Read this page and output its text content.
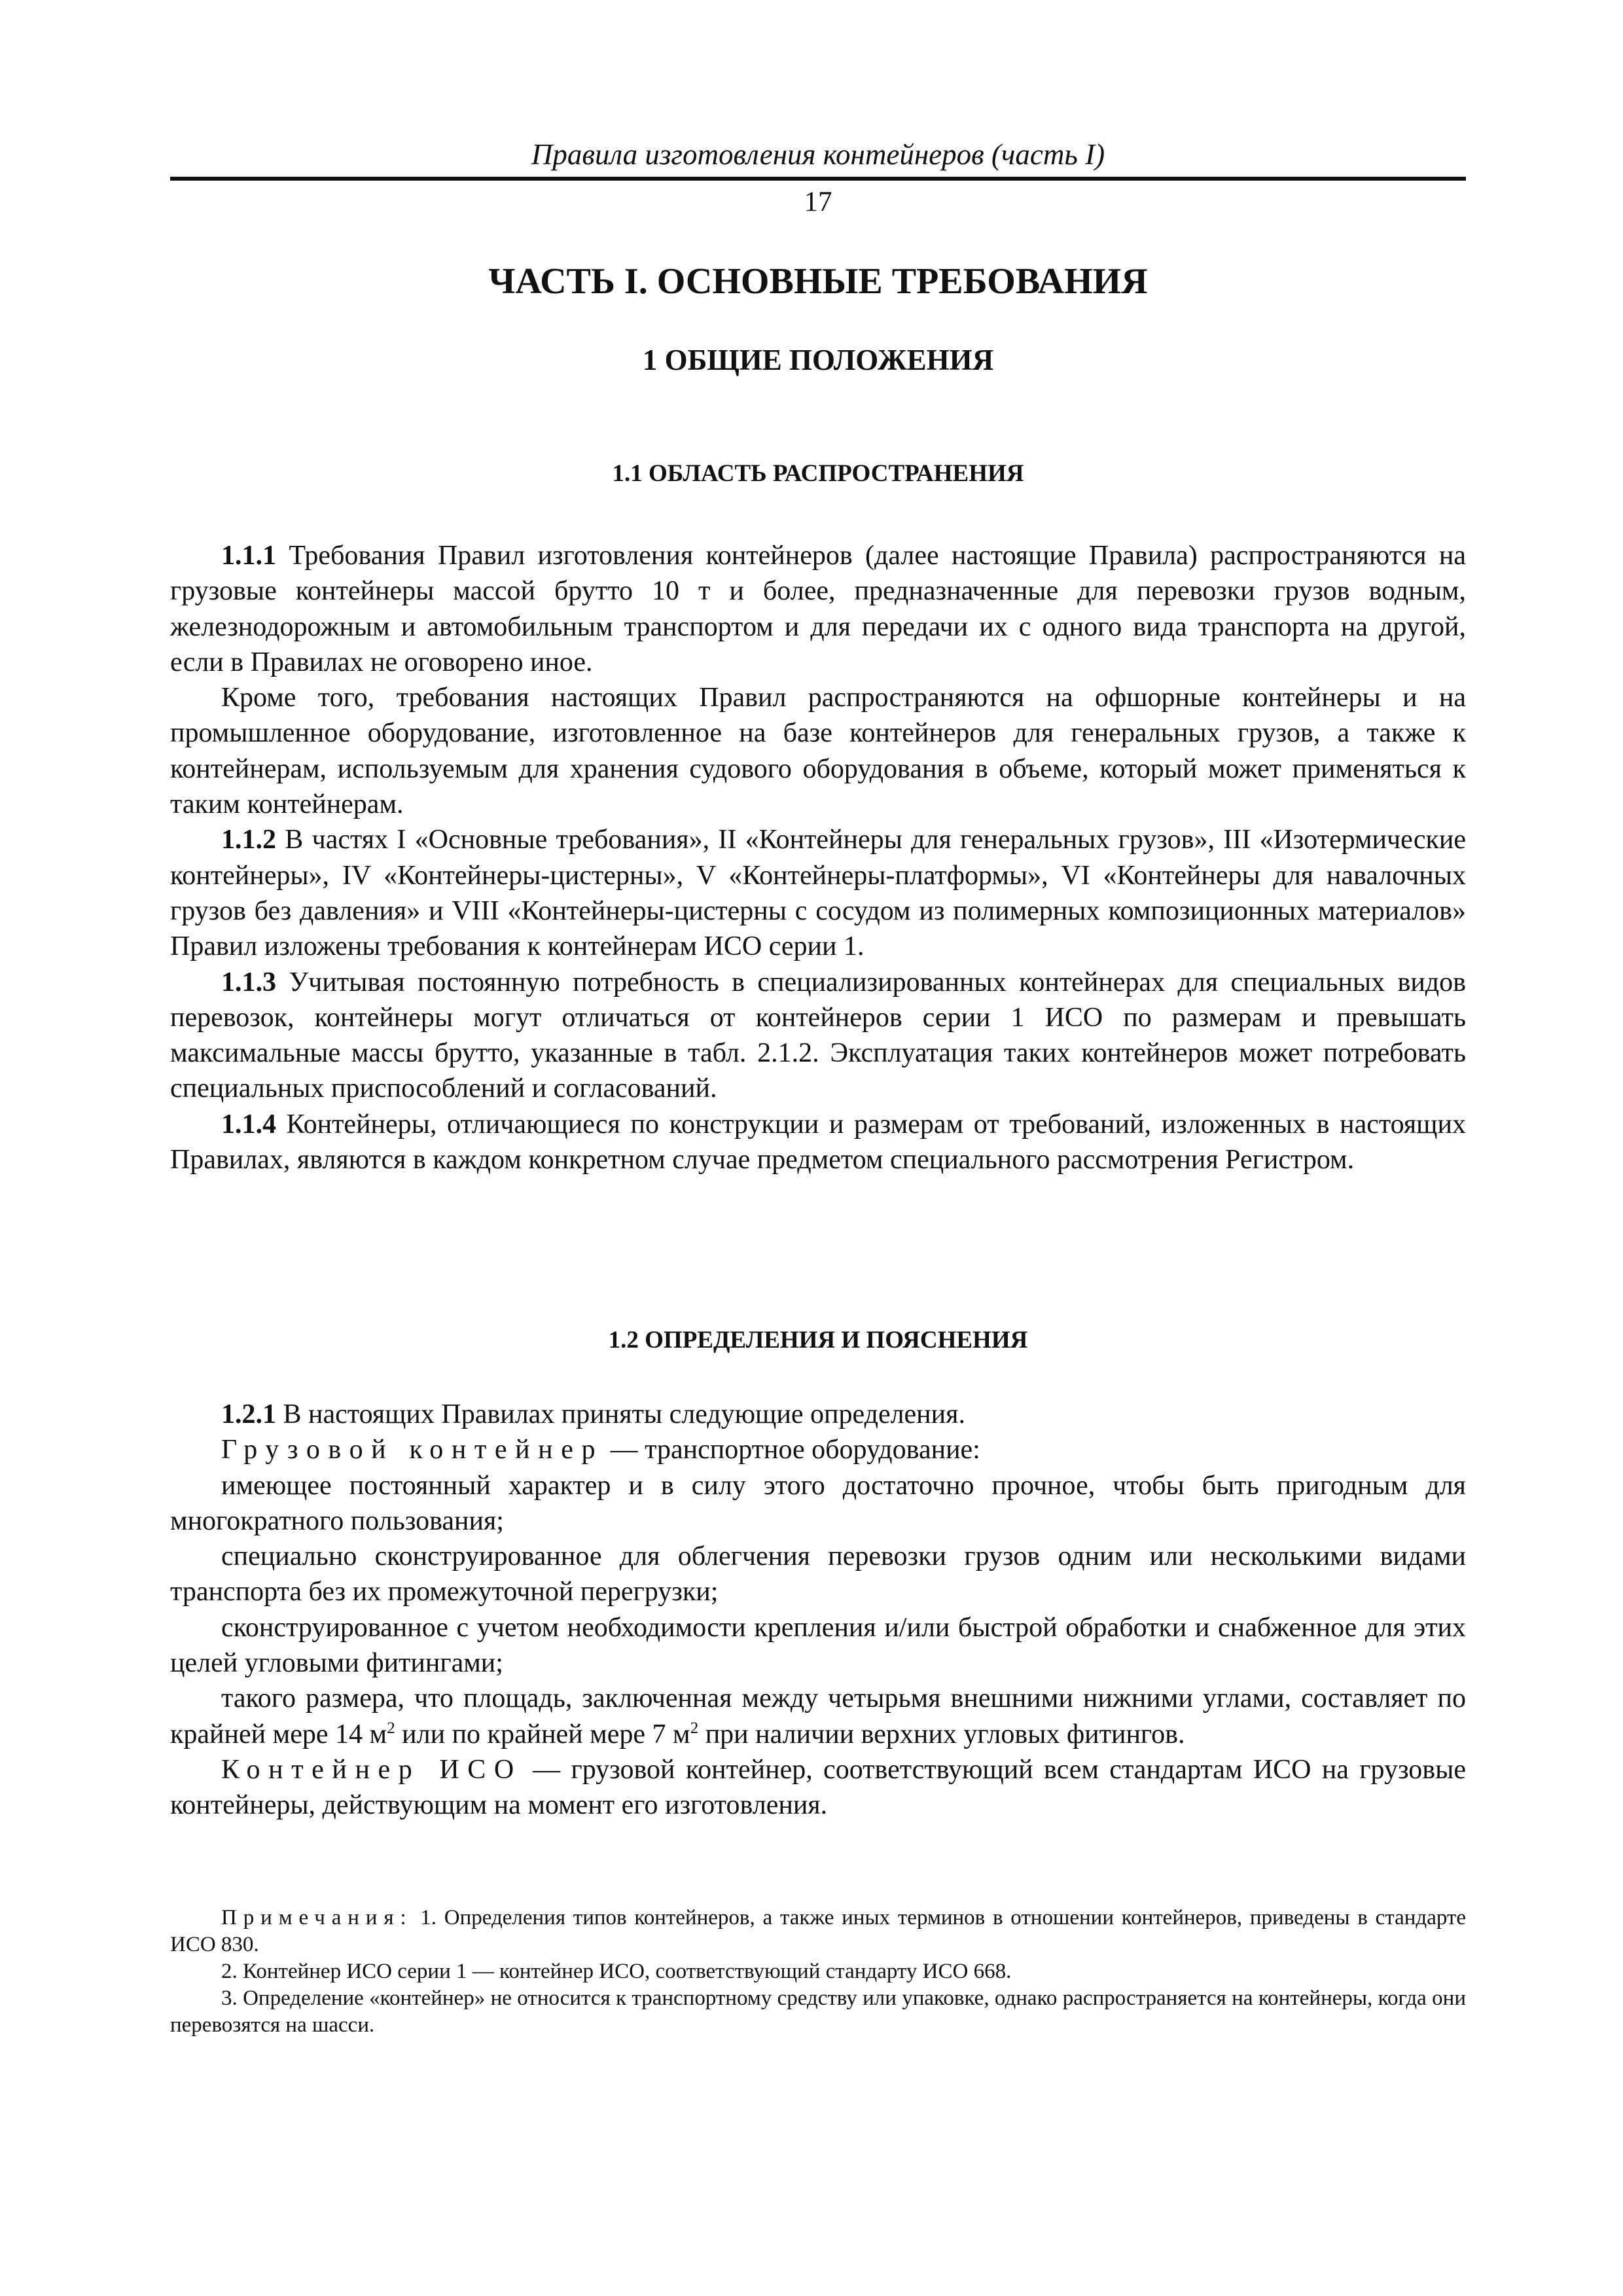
Правила изготовления контейнеров (часть I)
17
ЧАСТЬ I. ОСНОВНЫЕ ТРЕБОВАНИЯ
1 ОБЩИЕ ПОЛОЖЕНИЯ
1.1 ОБЛАСТЬ РАСПРОСТРАНЕНИЯ

1.1.1 Требования Правил изготовления контейнеров (далее настоящие Правила) распространяются на грузовые контейнеры массой брутто 10 т и более, предназначенные для перевозки грузов водным, железнодорожным и автомобильным транспортом и для передачи их с одного вида транспорта на другой, если в Правилах не оговорено иное.

Кроме того, требования настоящих Правил распространяются на офшорные контейнеры и на промышленное оборудование, изготовленное на базе контейнеров для генеральных грузов, а также к контейнерам, используемым для хранения судового оборудования в объеме, который может применяться к таким контейнерам.

1.1.2 В частях I «Основные требования», II «Контейнеры для генеральных грузов», III «Изотермические контейнеры», IV «Контейнеры-цистерны», V «Контейнеры-платформы», VI «Контейнеры для навалочных грузов без давления» и VIII «Контейнеры-цистерны с сосудом из полимерных композиционных материалов» Правил изложены требования к контейнерам ИСО серии 1.

1.1.3 Учитывая постоянную потребность в специализированных контейнерах для специальных видов перевозок, контейнеры могут отличаться от контейнеров серии 1 ИСО по размерам и превышать максимальные массы брутто, указанные в табл. 2.1.2. Эксплуатация таких контейнеров может потребовать специальных приспособлений и согласований.

1.1.4 Контейнеры, отличающиеся по конструкции и размерам от требований, изложенных в настоящих Правилах, являются в каждом конкретном случае предметом специального рассмотрения Регистром.

1.2 ОПРЕДЕЛЕНИЯ И ПОЯСНЕНИЯ

1.2.1 В настоящих Правилах приняты следующие определения.

Грузовой контейнер — транспортное оборудование:

имеющее постоянный характер и в силу этого достаточно прочное, чтобы быть пригодным для многократного пользования;

специально сконструированное для облегчения перевозки грузов одним или несколькими видами транспорта без их промежуточной перегрузки;

сконструированное с учетом необходимости крепления и/или быстрой обработки и снабженное для этих целей угловыми фитингами;

такого размера, что площадь, заключенная между четырьмя внешними нижними углами, составляет по крайней мере 14 $м^2$ или по крайней мере 7 $м^2$ при наличии верхних угловых фитингов.

Контейнер ИСО — грузовой контейнер, соответствующий всем стандартам ИСО на грузовые контейнеры, действующим на момент его изготовления.

Примечания: 1. Определения типов контейнеров, а также иных терминов в отношении контейнеров, приведены в стандарте ИСО 830.

2. Контейнер ИСО серии 1 — контейнер ИСО, соответствующий стандарту ИСО 668.

3. Определение «контейнер» не относится к транспортному средству или упаковке, однако распространяется на контейнеры, когда они перевозятся на шасси.
